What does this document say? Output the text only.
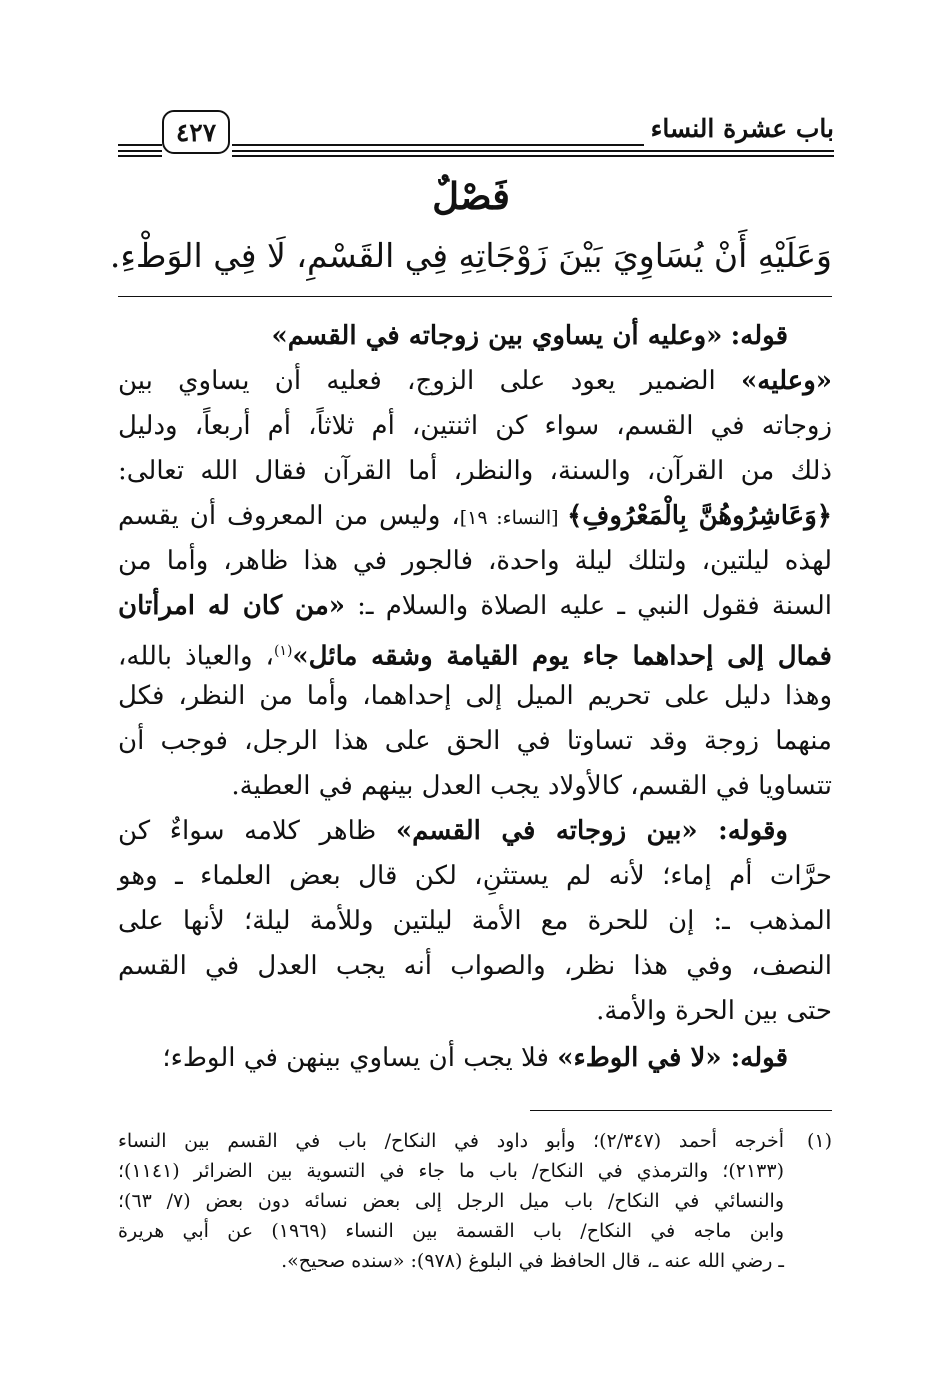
باب عشرة النساء
٤٢٧
فَصْلٌ
وَعَلَيْهِ أَنْ يُسَاوِيَ بَيْنَ زَوْجَاتِهِ فِي القَسْمِ، لَا فِي الوَطْءِ.
قوله: «وعليه أن يساوي بين زوجاته في القسم»
«وعليه» الضمير يعود على الزوج، فعليه أن يساوي بين
زوجاته في القسم، سواء كن اثنتين، أم ثلاثاً، أم أربعاً، ودليل
ذلك من القرآن، والسنة، والنظر، أما القرآن فقال الله تعالى:
﴿وَعَاشِرُوهُنَّ بِالْمَعْرُوفِ﴾ [النساء: ١٩]، وليس من المعروف أن يقسم
لهذه ليلتين، ولتلك ليلة واحدة، فالجور في هذا ظاهر، وأما من
السنة فقول النبي ـ عليه الصلاة والسلام ـ: «من كان له امرأتان
فمال إلى إحداهما جاء يوم القيامة وشقه مائل»$^{(١)}$، والعياذ بالله،
وهذا دليل على تحريم الميل إلى إحداهما، وأما من النظر، فكل
منهما زوجة وقد تساوتا في الحق على هذا الرجل، فوجب أن
تتساويا في القسم، كالأولاد يجب العدل بينهم في العطية.
وقوله: «بين زوجاته في القسم» ظاهر كلامه سواءٌ كن
حرَّات أم إماء؛ لأنه لم يستثنِ، لكن قال بعض العلماء ـ وهو
المذهب ـ: إن للحرة مع الأمة ليلتين وللأمة ليلة؛ لأنها على
النصف، وفي هذا نظر، والصواب أنه يجب العدل في القسم
حتى بين الحرة والأمة.
قوله: «لا في الوطء» فلا يجب أن يساوي بينهن في الوطء؛
(١)
أخرجه أحمد (٢/٣٤٧)؛ وأبو داود في النكاح/ باب في القسم بين النساء
(٢١٣٣)؛ والترمذي في النكاح/ باب ما جاء في التسوية بين الضرائر (١١٤١)؛
والنسائي في النكاح/ باب ميل الرجل إلى بعض نسائه دون بعض (٧/ ٦٣)؛
وابن ماجه في النكاح/ باب القسمة بين النساء (١٩٦٩) عن أبي هريرة
ـ رضي الله عنه ـ، قال الحافظ في البلوغ (٩٧٨): «سنده صحيح».
